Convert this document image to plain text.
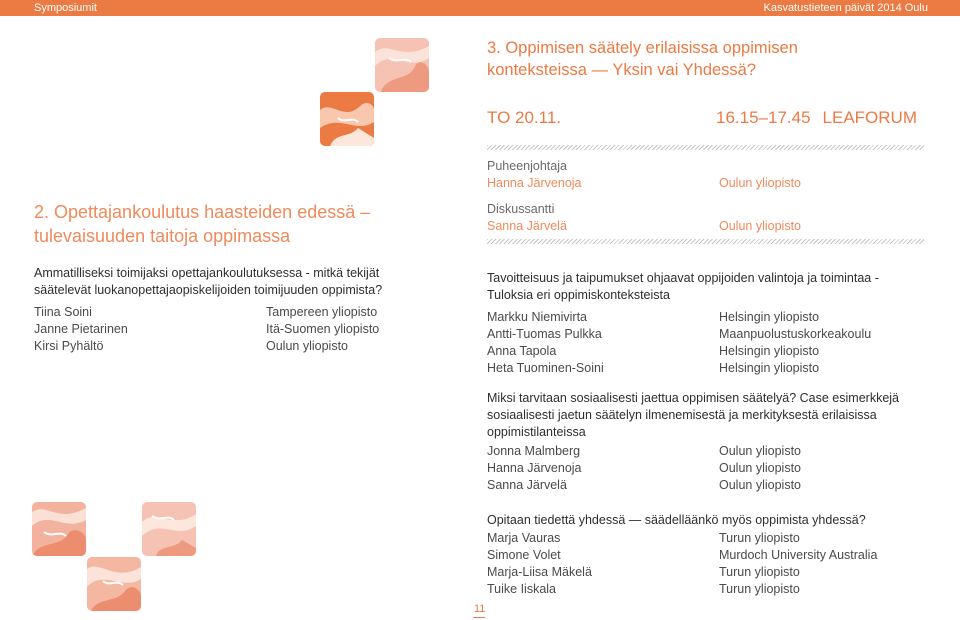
Symposiumit	Kasvatustieteen päivät 2014 Oulu
2. Opettajankoulutus haasteiden edessä – tulevaisuuden taitoja oppimassa
Ammatilliseksi toimijaksi opettajankoulutuksessa - mitkä tekijät säätelevät luokanopettajaopiskelijoiden toimijuuden oppimista?
Tiina Soini	Tampereen yliopisto
Janne Pietarinen	Itä-Suomen yliopisto
Kirsi Pyhältö	Oulun yliopisto
3. Oppimisen säätely erilaisissa oppimisen konteksteissa — Yksin vai Yhdessä?
TO 20.11.	16.15–17.45 LEAFORUM
Puheenjohtaja
Hanna Järvenoja	Oulun yliopisto
Diskussantti
Sanna Järvelä	Oulun yliopisto
Tavoitteisuus ja taipumukset ohjaavat oppijoiden valintoja ja toimintaa - Tuloksia eri oppimiskonteksteista
Markku Niemivirta	Helsingin yliopisto
Antti-Tuomas Pulkka	Maanpuolustuskorkeakoulu
Anna Tapola	Helsingin yliopisto
Heta Tuominen-Soini	Helsingin yliopisto
Miksi tarvitaan sosiaalisesti jaettua oppimisen säätelyä? Case esimerkkejä sosiaalisesti jaetun säätelyn ilmenemisestä ja merkityksestä erilaisissa oppimistilanteissa
Jonna Malmberg	Oulun yliopisto
Hanna Järvenoja	Oulun yliopisto
Sanna Järvelä	Oulun yliopisto
Opitaan tiedettä yhdessä — säädelläänkö myös oppimista yhdessä?
Marja Vauras	Turun yliopisto
Simone Volet	Murdoch University Australia
Marja-Liisa Mäkelä	Turun yliopisto
Tuike Iiskala	Turun yliopisto
11
